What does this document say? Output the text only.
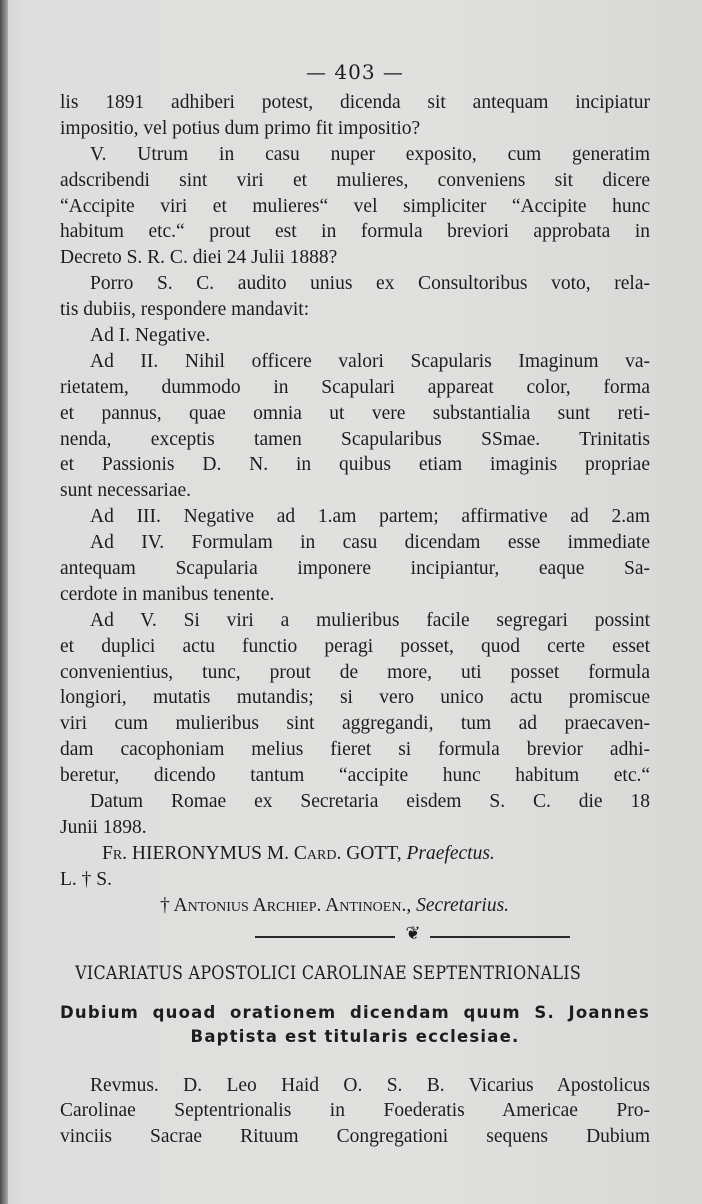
— 403 —
lis 1891 adhiberi potest, dicenda sit antequam incipiatur
impositio, vel potius dum primo fit impositio?
V. Utrum in casu nuper exposito, cum generatim
adscribendi sint viri et mulieres, conveniens sit dicere
“Accipite viri et mulieres“ vel simpliciter “Accipite hunc
habitum etc.“ prout est in formula breviori approbata in
Decreto S. R. C. diei 24 Julii 1888?
Porro S. C. audito unius ex Consultoribus voto, rela-
tis dubiis, respondere mandavit:
Ad I. Negative.
Ad II. Nihil officere valori Scapularis Imaginum va-
rietatem, dummodo in Scapulari appareat color, forma
et pannus, quae omnia ut vere substantialia sunt reti-
nenda, exceptis tamen Scapularibus SSmae. Trinitatis
et Passionis D. N. in quibus etiam imaginis propriae
sunt necessariae.
Ad III. Negative ad 1.am partem; affirmative ad 2.am
Ad IV. Formulam in casu dicendam esse immediate
antequam Scapularia imponere incipiantur, eaque Sa-
cerdote in manibus tenente.
Ad V. Si viri a mulieribus facile segregari possint
et duplici actu functio peragi posset, quod certe esset
convenientius, tunc, prout de more, uti posset formula
longiori, mutatis mutandis; si vero unico actu promiscue
viri cum mulieribus sint aggregandi, tum ad praecaven-
dam cacophoniam melius fieret si formula brevior adhi-
beretur, dicendo tantum “accipite hunc habitum etc.“
Datum Romae ex Secretaria eisdem S. C. die 18
Junii 1898.
Fr. HIERONYMUS M. Card. GOTT, Praefectus.
L. † S.
† Antonius Archiep. Antinoen., Secretarius.
❦
VICARIATUS APOSTOLICI CAROLINAE SEPTENTRIONALIS
Dubium quoad orationem dicendam quum S. Joannes
Baptista est titularis ecclesiae.
Revmus. D. Leo Haid O. S. B. Vicarius Apostolicus
Carolinae Septentrionalis in Foederatis Americae Pro-
vinciis Sacrae Rituum Congregationi sequens Dubium
